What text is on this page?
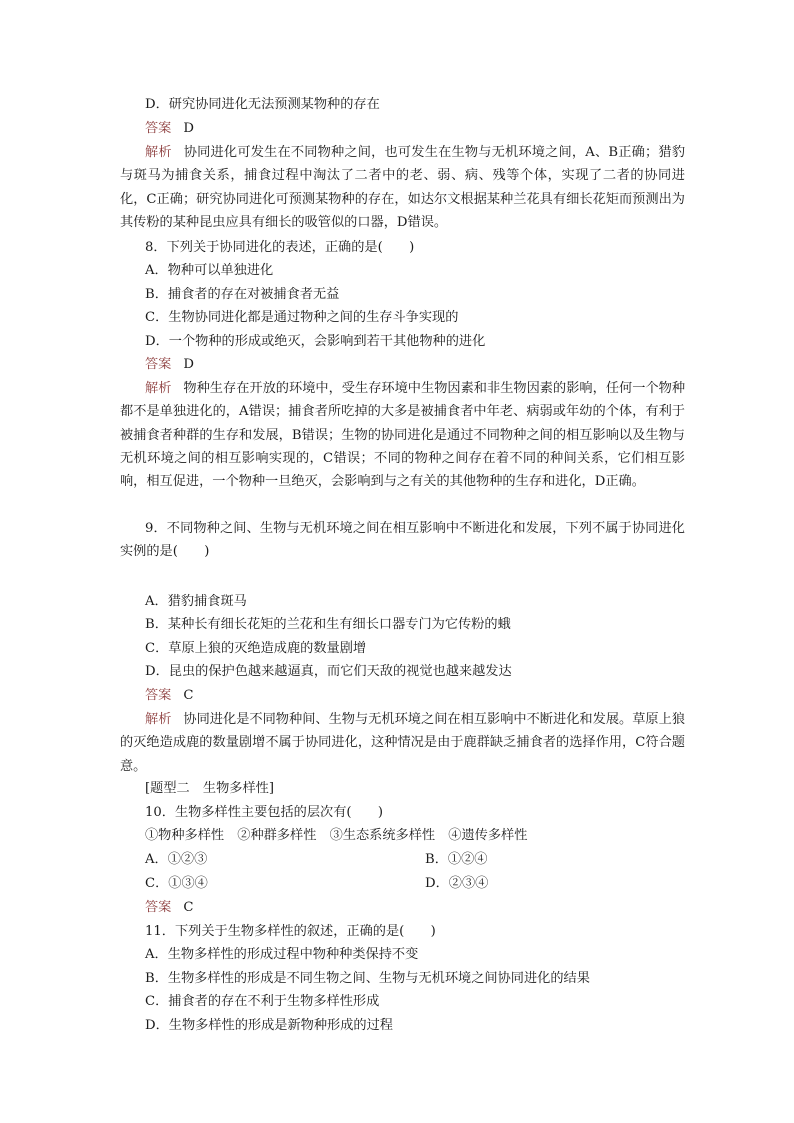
D．研究协同进化无法预测某物种的存在
答案 D
解析 协同进化可发生在不同物种之间，也可发生在生物与无机环境之间，A、B正确；猎豹与斑马为捕食关系，捕食过程中淘汰了二者中的老、弱、病、残等个体，实现了二者的协同进化，C正确；研究协同进化可预测某物种的存在，如达尔文根据某种兰花具有细长花矩而预测出为其传粉的某种昆虫应具有细长的吸管似的口器，D错误。
8．下列关于协同进化的表述，正确的是(　　)
A．物种可以单独进化
B．捕食者的存在对被捕食者无益
C．生物协同进化都是通过物种之间的生存斗争实现的
D．一个物种的形成或绝灭，会影响到若干其他物种的进化
答案 D
解析 物种生存在开放的环境中，受生存环境中生物因素和非生物因素的影响，任何一个物种都不是单独进化的，A错误；捕食者所吃掉的大多是被捕食者中年老、病弱或年幼的个体，有利于被捕食者种群的生存和发展，B错误；生物的协同进化是通过不同物种之间的相互影响以及生物与无机环境之间的相互影响实现的，C错误；不同的物种之间存在着不同的种间关系，它们相互影响，相互促进，一个物种一旦绝灭，会影响到与之有关的其他物种的生存和进化，D正确。
9．不同物种之间、生物与无机环境之间在相互影响中不断进化和发展，下列不属于协同进化实例的是(　　)
A．猎豹捕食斑马
B．某种长有细长花矩的兰花和生有细长口器专门为它传粉的蛾
C．草原上狼的灭绝造成鹿的数量剧增
D．昆虫的保护色越来越逼真，而它们天敌的视觉也越来越发达
答案 C
解析 协同进化是不同物种间、生物与无机环境之间在相互影响中不断进化和发展。草原上狼的灭绝造成鹿的数量剧增不属于协同进化，这种情况是由于鹿群缺乏捕食者的选择作用，C符合题意。
[题型二　生物多样性]
10．生物多样性主要包括的层次有(　　)
①物种多样性　②种群多样性　③生态系统多样性　④遗传多样性
A．①②③	B．①②④
C．①③④	D．②③④
答案 C
11．下列关于生物多样性的叙述，正确的是(　　)
A．生物多样性的形成过程中物种种类保持不变
B．生物多样性的形成是不同生物之间、生物与无机环境之间协同进化的结果
C．捕食者的存在不利于生物多样性形成
D．生物多样性的形成是新物种形成的过程
